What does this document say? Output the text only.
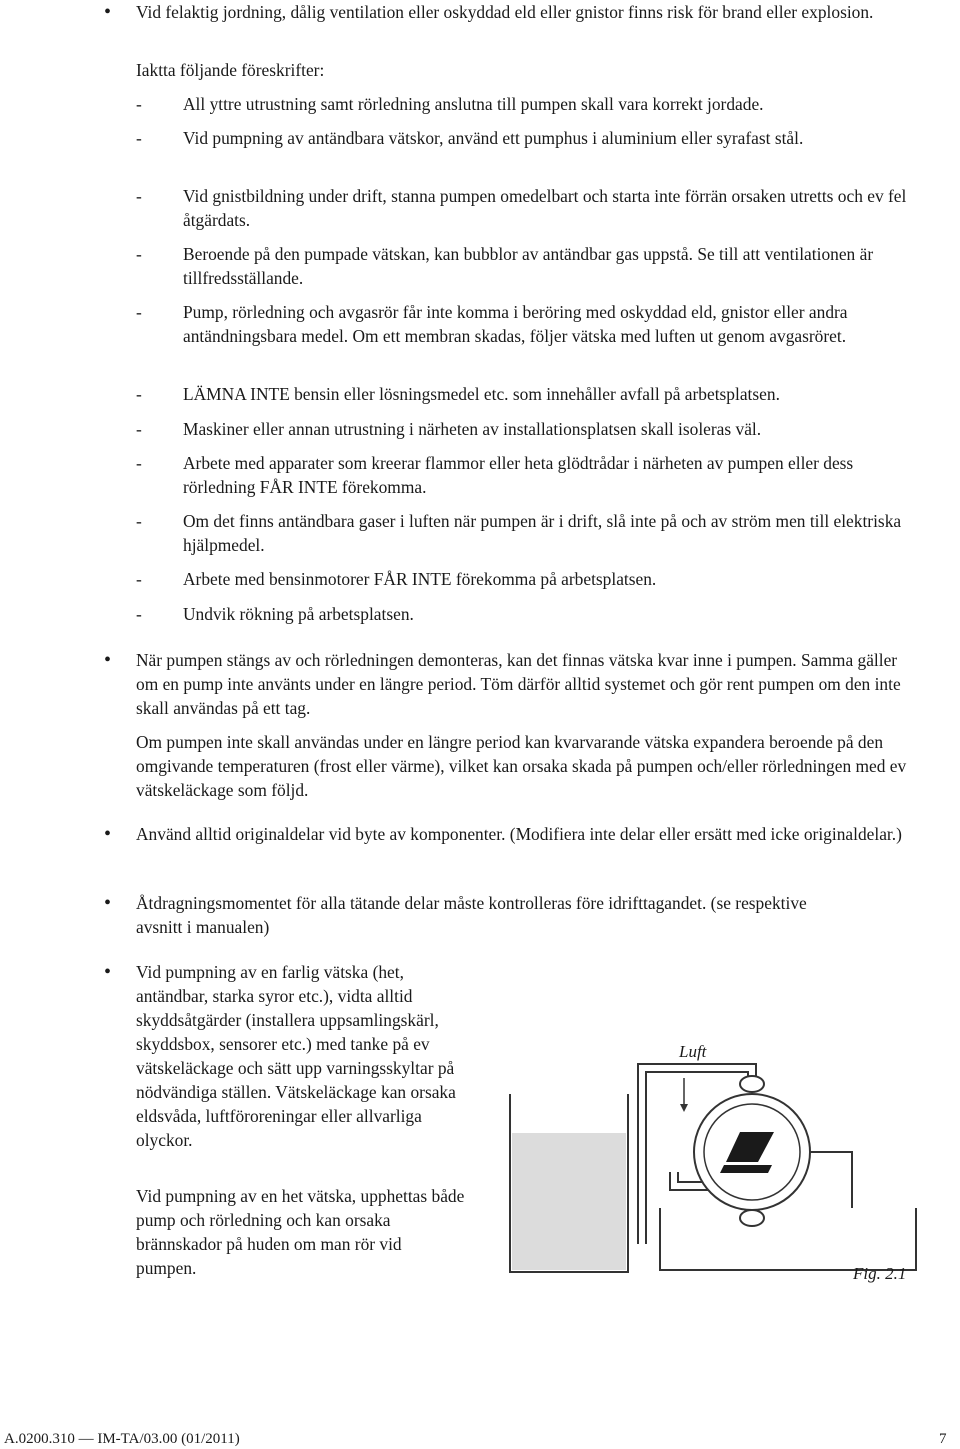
• Vid felaktig jordning, dålig ventilation eller oskyddad eld eller gnistor finns risk för brand eller explosion.

Iaktta följande föreskrifter:

- All yttre utrustning samt rörledning anslutna till pumpen skall vara korrekt jordade.

- Vid pumpning av antändbara vätskor, använd ett pumphus i aluminium eller syrafast stål.

- Vid gnistbildning under drift, stanna pumpen omedelbart och starta inte förrän orsaken utretts och ev fel åtgärdats.

- Beroende på den pumpade vätskan, kan bubblor av antändbar gas uppstå. Se till att ventilationen är tillfredsställande.

- Pump, rörledning och avgasrör får inte komma i beröring med oskyddad eld, gnistor eller andra antändningsbara medel. Om ett membran skadas, följer vätska med luften ut genom avgasröret.

- LÄMNA INTE bensin eller lösningsmedel etc. som innehåller avfall på arbetsplatsen.

- Maskiner eller annan utrustning i närheten av installationsplatsen skall isoleras väl.

- Arbete med apparater som kreerar flammor eller heta glödtrådar i närheten av pumpen eller dess rörledning FÅR INTE förekomma.

- Om det finns antändbara gaser i luften när pumpen är i drift, slå inte på och av ström men till elektriska hjälpmedel.

- Arbete med bensinmotorer FÅR INTE förekomma på arbetsplatsen.

- Undvik rökning på arbetsplatsen.

• När pumpen stängs av och rörledningen demonteras, kan det finnas vätska kvar inne i pumpen. Samma gäller om en pump inte använts under en längre period. Töm därför alltid systemet och gör rent pumpen om den inte skall användas på ett tag.

Om pumpen inte skall användas under en längre period kan kvarvarande vätska expandera beroende på den omgivande temperaturen (frost eller värme), vilket kan orsaka skada på pumpen och/eller rörledningen med ev vätskeläckage som följd.

• Använd alltid originaldelar vid byte av komponenter. (Modifiera inte delar eller ersätt med icke originaldelar.)

• Åtdragningsmomentet för alla tätande delar måste kontrolleras före idrifttagandet. (se respektive avsnitt i manualen)

• Vid pumpning av en farlig vätska (het, antändbar, starka syror etc.), vidta alltid skyddsåtgärder (installera uppsamlingskärl, skyddsbox, sensorer etc.) med tanke på ev vätskeläckage och sätt upp varningsskyltar på nödvändiga ställen. Vätskeläckage kan orsaka eldsvåda, luftföroreningar eller allvarliga olyckor.

Vid pumpning av en het vätska, upphettas både pump och rörledning och kan orsaka brännskador på huden om man rör vid pumpen.

Luft
Fig. 2.1
A.0200.310 — IM-TA/03.00 (01/2011)	7
